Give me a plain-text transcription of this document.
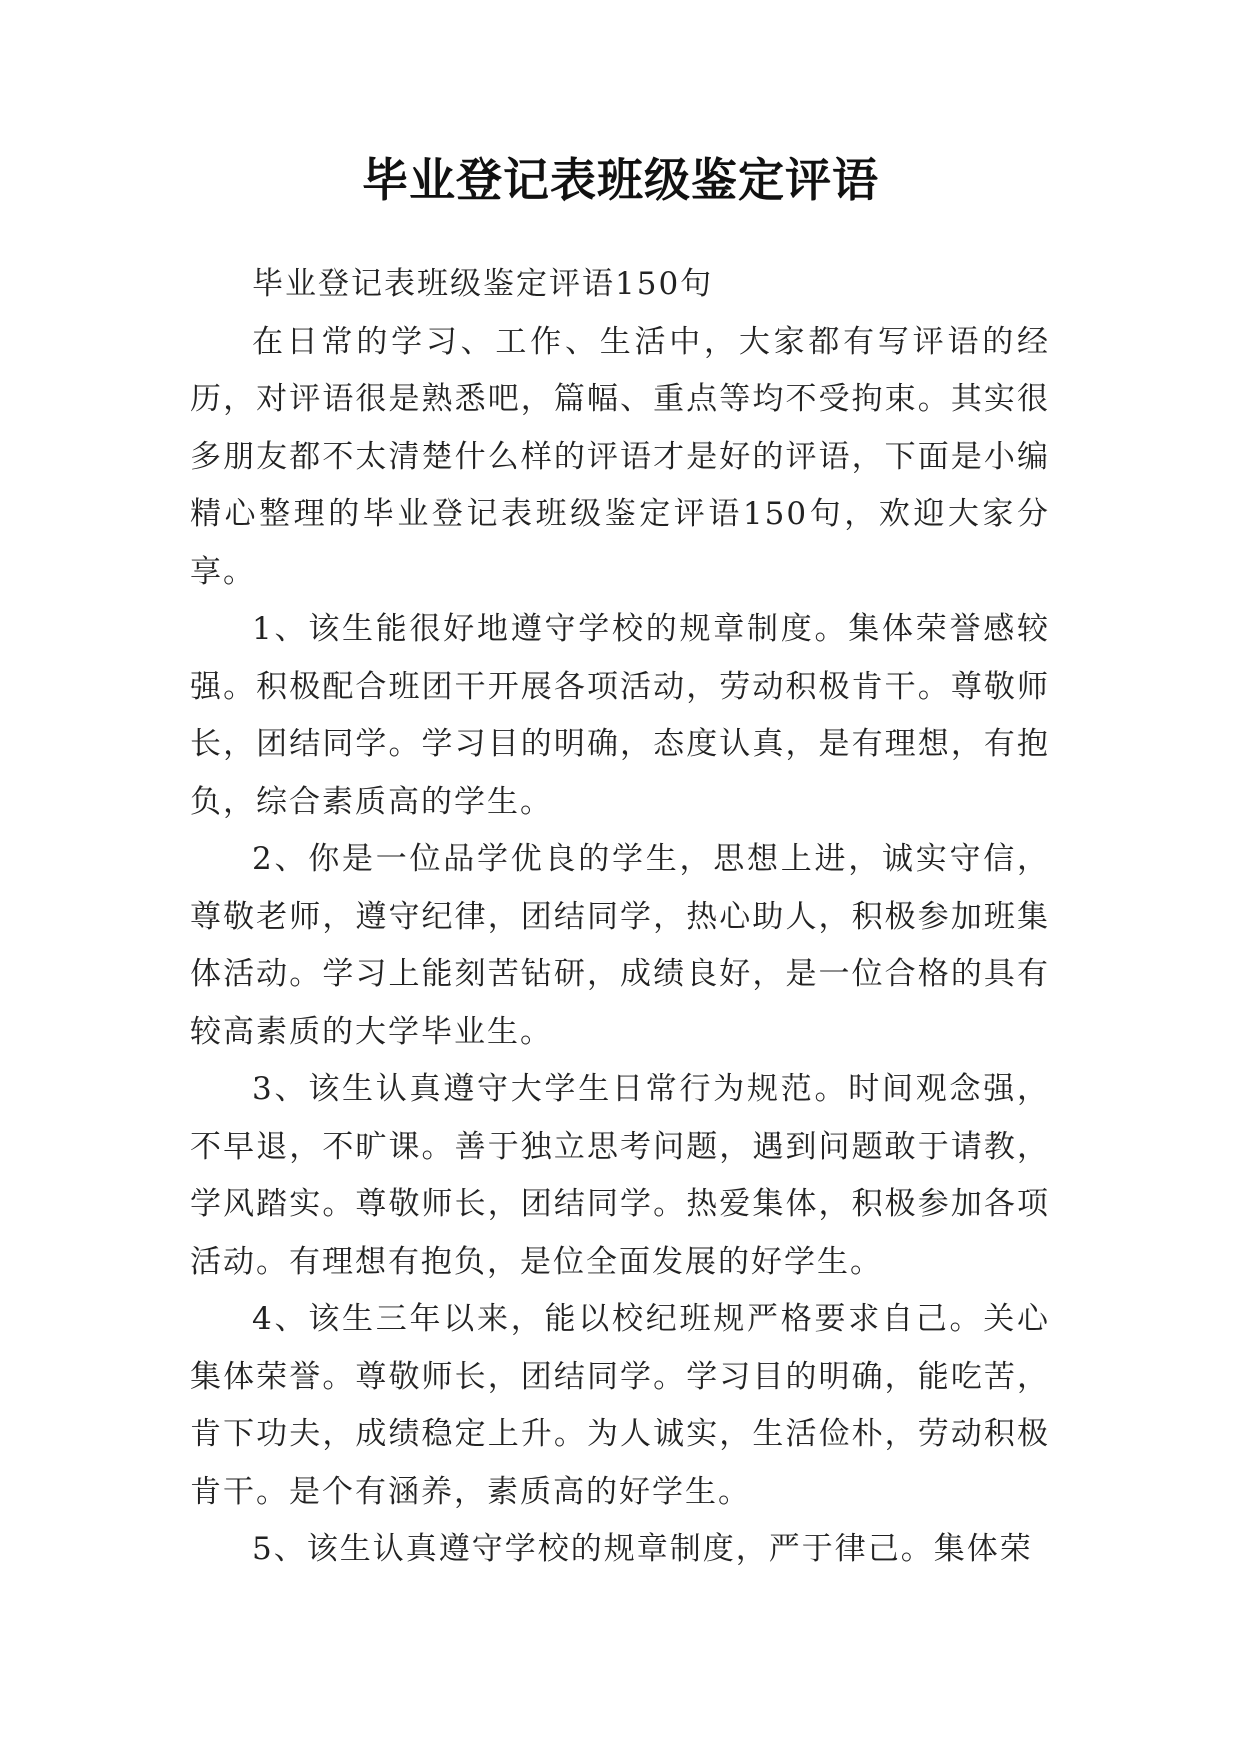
毕业登记表班级鉴定评语

毕业登记表班级鉴定评语150句

在日常的学习、工作、生活中，大家都有写评语的经历，对评语很是熟悉吧，篇幅、重点等均不受拘束。其实很多朋友都不太清楚什么样的评语才是好的评语，下面是小编精心整理的毕业登记表班级鉴定评语150句，欢迎大家分享。

1、该生能很好地遵守学校的规章制度。集体荣誉感较强。积极配合班团干开展各项活动，劳动积极肯干。尊敬师长，团结同学。学习目的明确，态度认真，是有理想，有抱负，综合素质高的学生。

2、你是一位品学优良的学生，思想上进，诚实守信，尊敬老师，遵守纪律，团结同学，热心助人，积极参加班集体活动。学习上能刻苦钻研，成绩良好，是一位合格的具有较高素质的大学毕业生。

3、该生认真遵守大学生日常行为规范。时间观念强，不早退，不旷课。善于独立思考问题，遇到问题敢于请教，学风踏实。尊敬师长，团结同学。热爱集体，积极参加各项活动。有理想有抱负，是位全面发展的好学生。

4、该生三年以来，能以校纪班规严格要求自己。关心集体荣誉。尊敬师长，团结同学。学习目的明确，能吃苦，肯下功夫，成绩稳定上升。为人诚实，生活俭朴，劳动积极肯干。是个有涵养，素质高的好学生。

5、该生认真遵守学校的规章制度，严于律己。集体荣
